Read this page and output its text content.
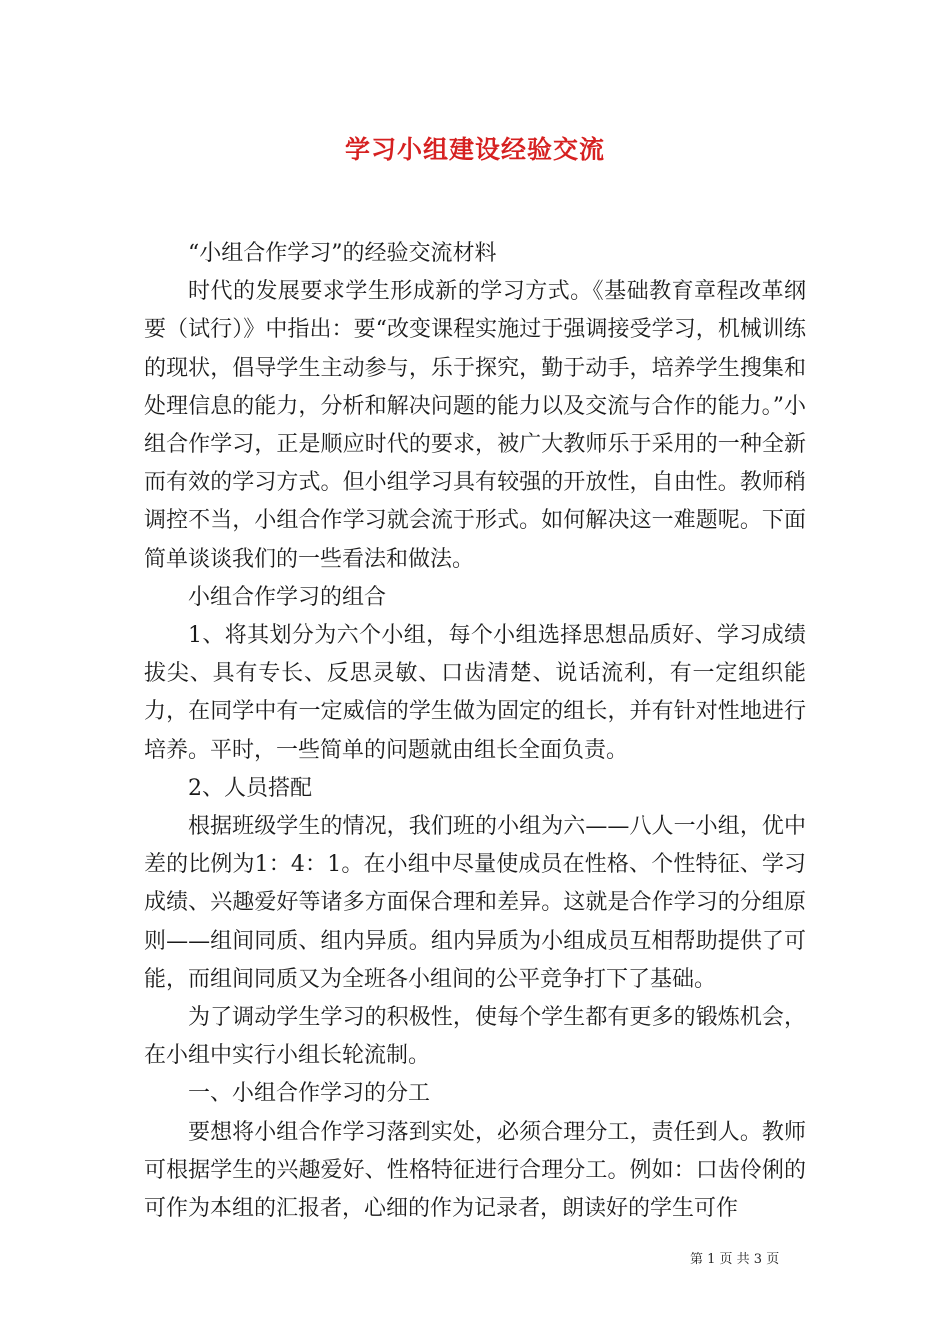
学习小组建设经验交流

“小组合作学习”的经验交流材料

时代的发展要求学生形成新的学习方式。《基础教育章程改革纲要（试行）》中指出：要“改变课程实施过于强调接受学习，机械训练的现状，倡导学生主动参与，乐于探究，勤于动手，培养学生搜集和处理信息的能力，分析和解决问题的能力以及交流与合作的能力。”小组合作学习，正是顺应时代的要求，被广大教师乐于采用的一种全新而有效的学习方式。但小组学习具有较强的开放性，自由性。教师稍调控不当，小组合作学习就会流于形式。如何解决这一难题呢。下面简单谈谈我们的一些看法和做法。

小组合作学习的组合

1、将其划分为六个小组，每个小组选择思想品质好、学习成绩拔尖、具有专长、反思灵敏、口齿清楚、说话流利，有一定组织能力，在同学中有一定威信的学生做为固定的组长，并有针对性地进行培养。平时，一些简单的问题就由组长全面负责。

2、人员搭配

根据班级学生的情况，我们班的小组为六——八人一小组，优中差的比例为1：4：1。在小组中尽量使成员在性格、个性特征、学习成绩、兴趣爱好等诸多方面保合理和差异。这就是合作学习的分组原则——组间同质、组内异质。组内异质为小组成员互相帮助提供了可能，而组间同质又为全班各小组间的公平竞争打下了基础。

为了调动学生学习的积极性，使每个学生都有更多的锻炼机会，在小组中实行小组长轮流制。

一、小组合作学习的分工

要想将小组合作学习落到实处，必须合理分工，责任到人。教师可根据学生的兴趣爱好、性格特征进行合理分工。例如：口齿伶俐的可作为本组的汇报者，心细的作为记录者，朗读好的学生可作

第 1 页 共 3 页
